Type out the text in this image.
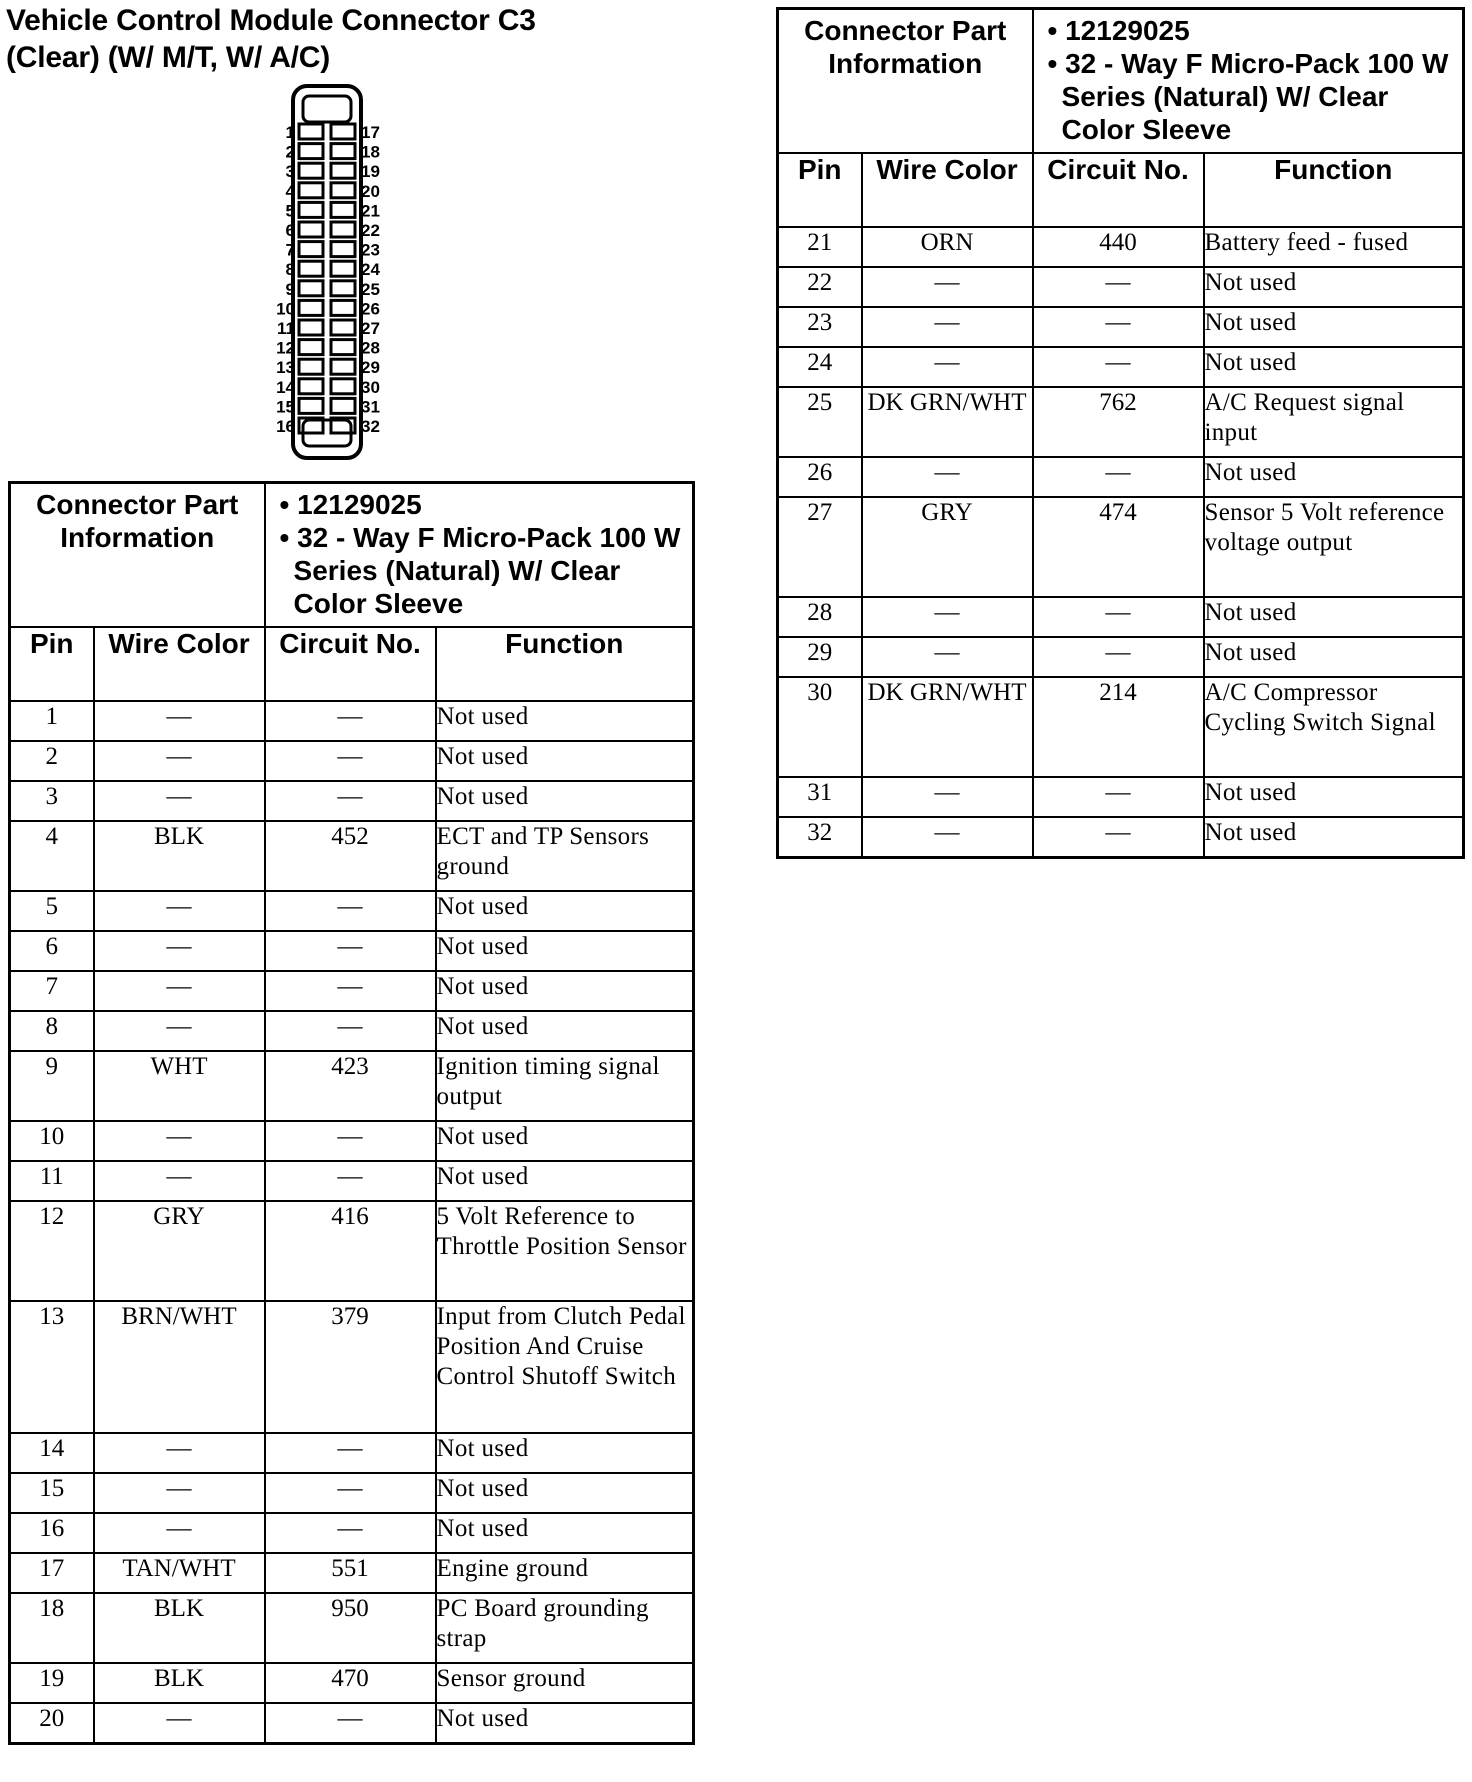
Vehicle Control Module Connector C3
(Clear) (W/ M/T, W/ A/C)
1	17
2	18
3	19
4	20
5	21
6	22
7	23
8	24
9	25
10	26
11	27
12	28
13	29
14	30
15	31
16	32
Connector Part Information		• 12129025
• 32 - Way F Micro-Pack 100 W Series (Natural) W/ Clear Color Sleeve	

Pin	Wire Color	Circuit No.	Function
1	—	—	Not used
2	—	—	Not used
3	—	—	Not used
4	BLK	452	ECT and TP Sensors ground
5	—	—	Not used
6	—	—	Not used
7	—	—	Not used
8	—	—	Not used
9	WHT	423	Ignition timing signal output
10	—	—	Not used
11	—	—	Not used
12	GRY	416	5 Volt Reference to Throttle Position Sensor
13	BRN/WHT	379	Input from Clutch Pedal Position And Cruise Control Shutoff Switch
14	—	—	Not used
15	—	—	Not used
16	—	—	Not used
17	TAN/WHT	551	Engine ground
18	BLK	950	PC Board grounding strap
19	BLK	470	Sensor ground
20	—	—	Not used
Connector Part Information		• 12129025
• 32 - Way F Micro-Pack 100 W Series (Natural) W/ Clear Color Sleeve	

Pin	Wire Color	Circuit No.	Function
21	ORN	440	Battery feed - fused
22	—	—	Not used
23	—	—	Not used
24	—	—	Not used
25	DK GRN/WHT	762	A/C Request signal input
26	—	—	Not used
27	GRY	474	Sensor 5 Volt reference voltage output
28	—	—	Not used
29	—	—	Not used
30	DK GRN/WHT	214	A/C Compressor Cycling Switch Signal
31	—	—	Not used
32	—	—	Not used
